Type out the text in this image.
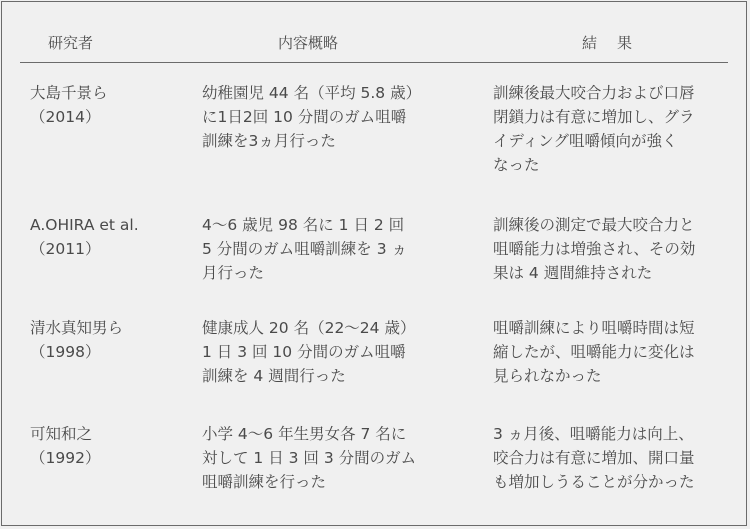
研究者	内容概略	結果
大島千景ら
（2014）
幼稚園児 44 名（平均 5.8 歳）
に1日2回 10 分間のガム咀嚼
訓練を3ヵ月行った
訓練後最大咬合力および口唇
閉鎖力は有意に増加し、グラ
イディング咀嚼傾向が強く
なった
A.OHIRA et al.
（2011）
4〜6 歳児 98 名に 1 日 2 回
5 分間のガム咀嚼訓練を 3 ヵ
月行った
訓練後の測定で最大咬合力と
咀嚼能力は増強され、その効
果は 4 週間維持された
清水真知男ら
（1998）
健康成人 20 名（22〜24 歳）
1 日 3 回 10 分間のガム咀嚼
訓練を 4 週間行った
咀嚼訓練により咀嚼時間は短
縮したが、咀嚼能力に変化は
見られなかった
可知和之
（1992）
小学 4〜6 年生男女各 7 名に
対して 1 日 3 回 3 分間のガム
咀嚼訓練を行った
3 ヵ月後、咀嚼能力は向上、
咬合力は有意に増加、開口量
も増加しうることが分かった
